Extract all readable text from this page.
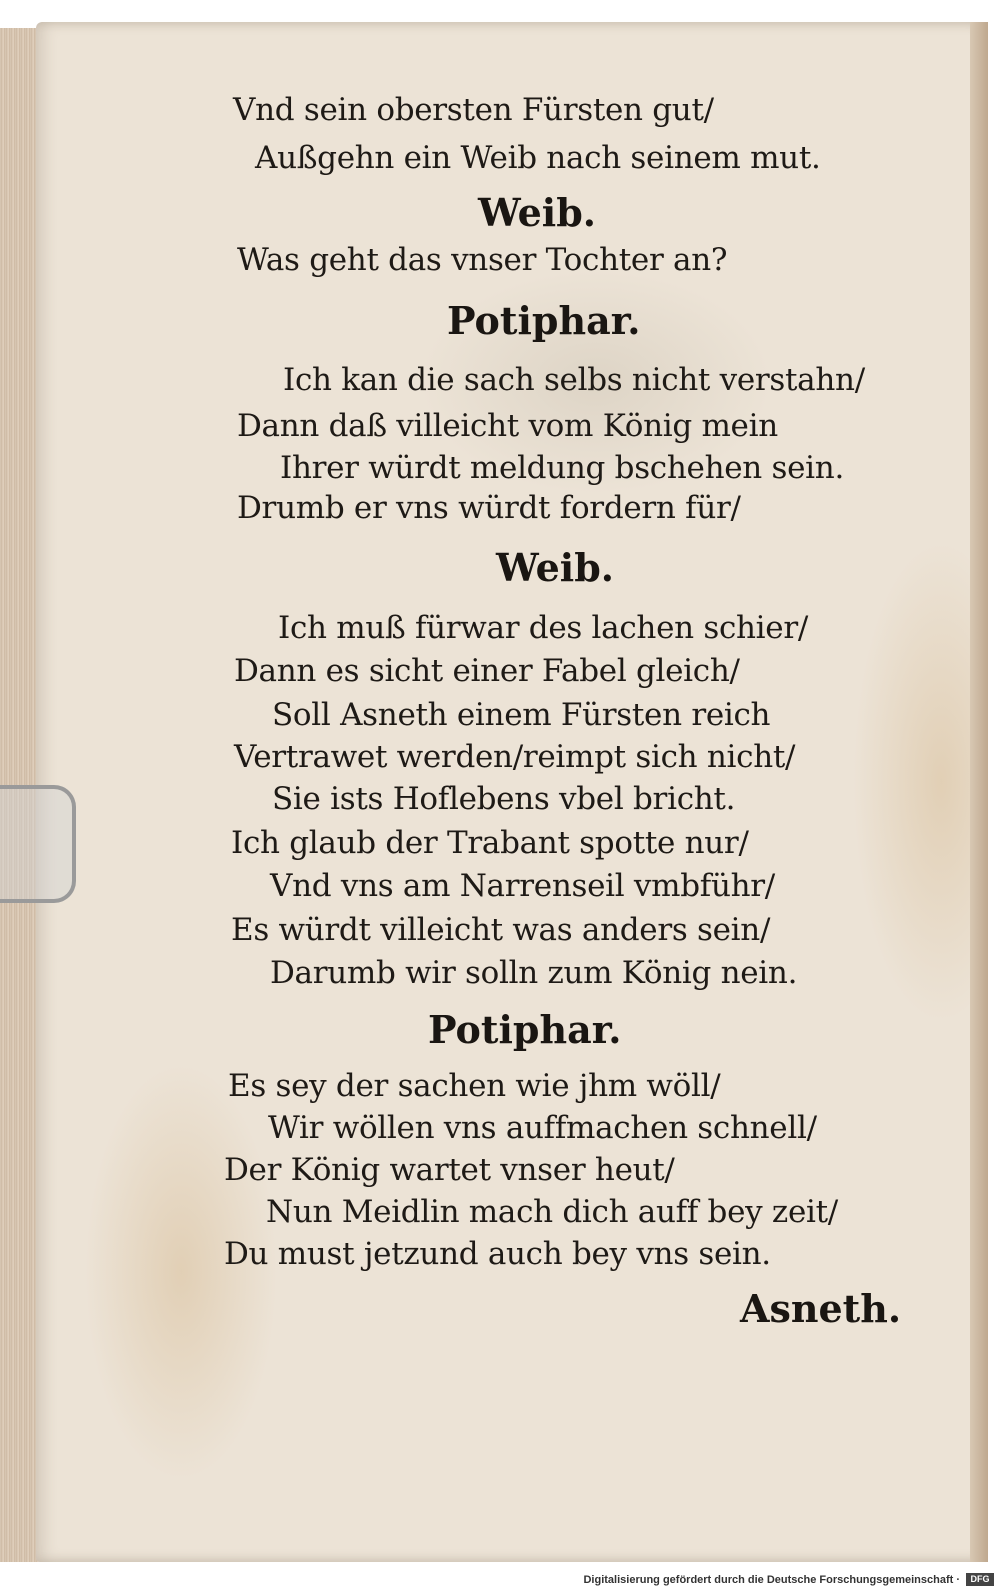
Vnd sein obersten Fürsten gut/
Außgehn ein Weib nach seinem mut.
Weib.
Was geht das vnser Tochter an?
Potiphar.
Ich kan die sach selbs nicht verstahn/
Dann daß villeicht vom König mein
Ihrer würdt meldung bschehen sein.
Drumb er vns würdt fordern für/
Weib.
Ich muß fürwar des lachen schier/
Dann es sicht einer Fabel gleich/
Soll Asneth einem Fürsten reich
Vertrawet werden/reimpt sich nicht/
Sie ists Hoflebens vbel bricht.
Ich glaub der Trabant spotte nur/
Vnd vns am Narrenseil vmbführ/
Es würdt villeicht was anders sein/
Darumb wir solln zum König nein.
Potiphar.
Es sey der sachen wie jhm wöll/
Wir wöllen vns auffmachen schnell/
Der König wartet vnser heut/
Nun Meidlin mach dich auff bey zeit/
Du must jetzund auch bey vns sein.
Asneth.
Digitalisierung gefördert durch die Deutsche Forschungsgemeinschaft ·	DFG
